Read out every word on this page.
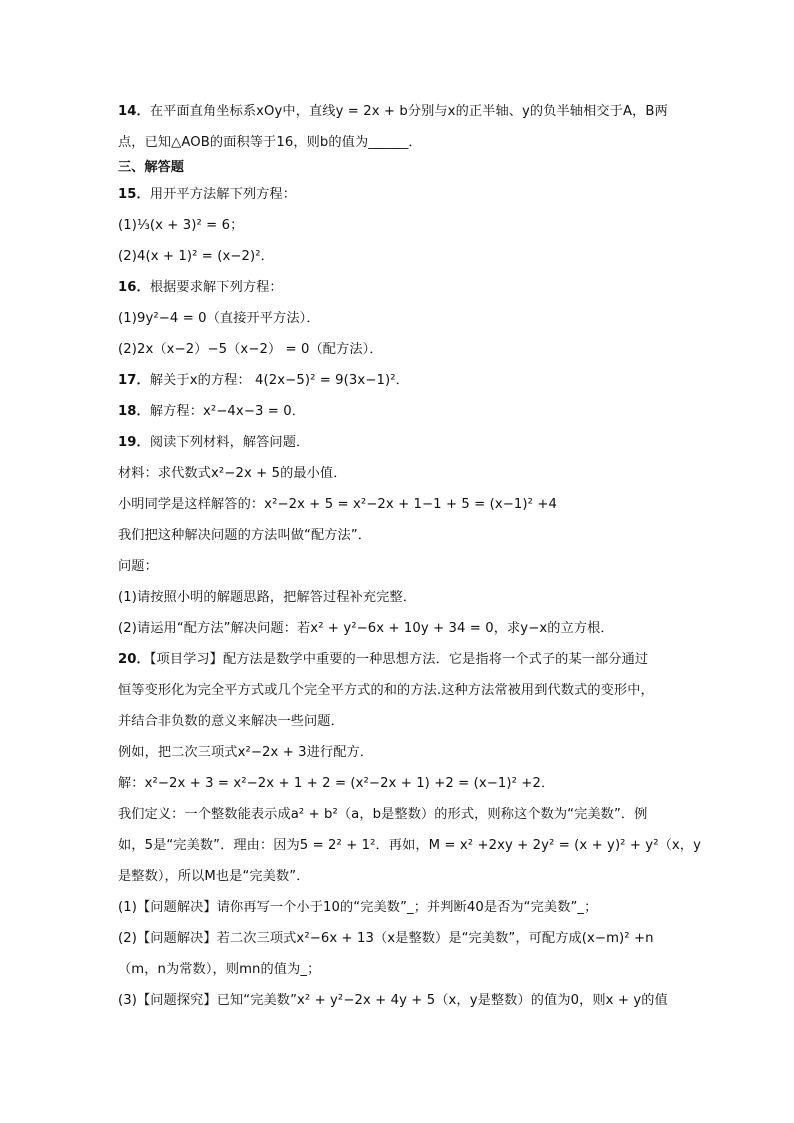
14．在平面直角坐标系xOy中，直线y = 2x + b分别与x的正半轴、y的负半轴相交于A，B两
点，已知△AOB的面积等于16，则b的值为______．
三、解答题
15．用开平方法解下列方程：
(1)⅓(x + 3)² = 6；
(2)4(x + 1)² = (x−2)²．
16．根据要求解下列方程：
(1)9y²−4 = 0（直接开平方法）．
(2)2x（x−2）−5（x−2） = 0（配方法）．
17．解关于x的方程： 4(2x−5)² = 9(3x−1)²．
18．解方程：x²−4x−3 = 0．
19．阅读下列材料，解答问题．
材料：求代数式x²−2x + 5的最小值．
小明同学是这样解答的：x²−2x + 5 = x²−2x + 1−1 + 5 = (x−1)² +4
我们把这种解决问题的方法叫做“配方法”．
问题：
(1)请按照小明的解题思路，把解答过程补充完整．
(2)请运用“配方法”解决问题：若x² + y²−6x + 10y + 34 = 0，求y−x的立方根．
20．【项目学习】配方法是数学中重要的一种思想方法．它是指将一个式子的某一部分通过
恒等变形化为完全平方式或几个完全平方式的和的方法.这种方法常被用到代数式的变形中，
并结合非负数的意义来解决一些问题．
例如，把二次三项式x²−2x + 3进行配方．
解：x²−2x + 3 = x²−2x + 1 + 2 = (x²−2x + 1) +2 = (x−1)² +2．
我们定义：一个整数能表示成a² + b²（a，b是整数）的形式，则称这个数为“完美数”．例
如，5是“完美数”．理由：因为5 = 2² + 1²．再如，M = x² +2xy + 2y² = (x + y)² + y²（x，y
是整数），所以M也是“完美数”．
(1)【问题解决】请你再写一个小于10的“完美数”_；并判断40是否为“完美数”_；
(2)【问题解决】若二次三项式x²−6x + 13（x是整数）是“完美数”，可配方成(x−m)² +n
（m，n为常数），则mn的值为_；
(3)【问题探究】已知“完美数”x² + y²−2x + 4y + 5（x，y是整数）的值为0，则x + y的值
